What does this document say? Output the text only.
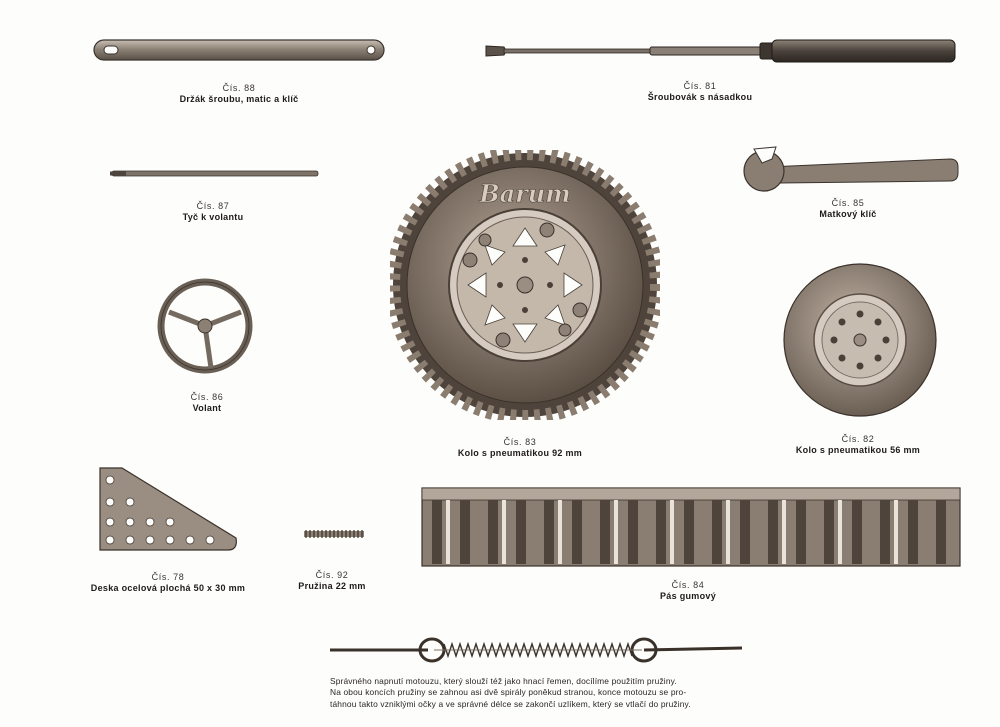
Čís. 88
Držák šroubu, matic a klíč
Čís. 81
Šroubovák s násadkou
Čís. 87
Tyč k volantu
Čís. 85
Matkový klíč
Čís. 86
Volant
Barum
Čís. 83
Kolo s pneumatikou 92 mm
Čís. 82
Kolo s pneumatikou 56 mm
Čís. 78
Deska ocelová plochá 50 x 30 mm
Čís. 92
Pružina 22 mm	Čís. 84
Pás gumový
Správného napnutí motouzu, který slouží též jako hnací řemen, docílíme použitím pružiny.
Na obou koncích pružiny se zahnou asi dvě spirály poněkud stranou, konce motouzu se pro-
táhnou takto vzniklými očky a ve správné délce se zakončí uzlíkem, který se vtlačí do pružiny.
